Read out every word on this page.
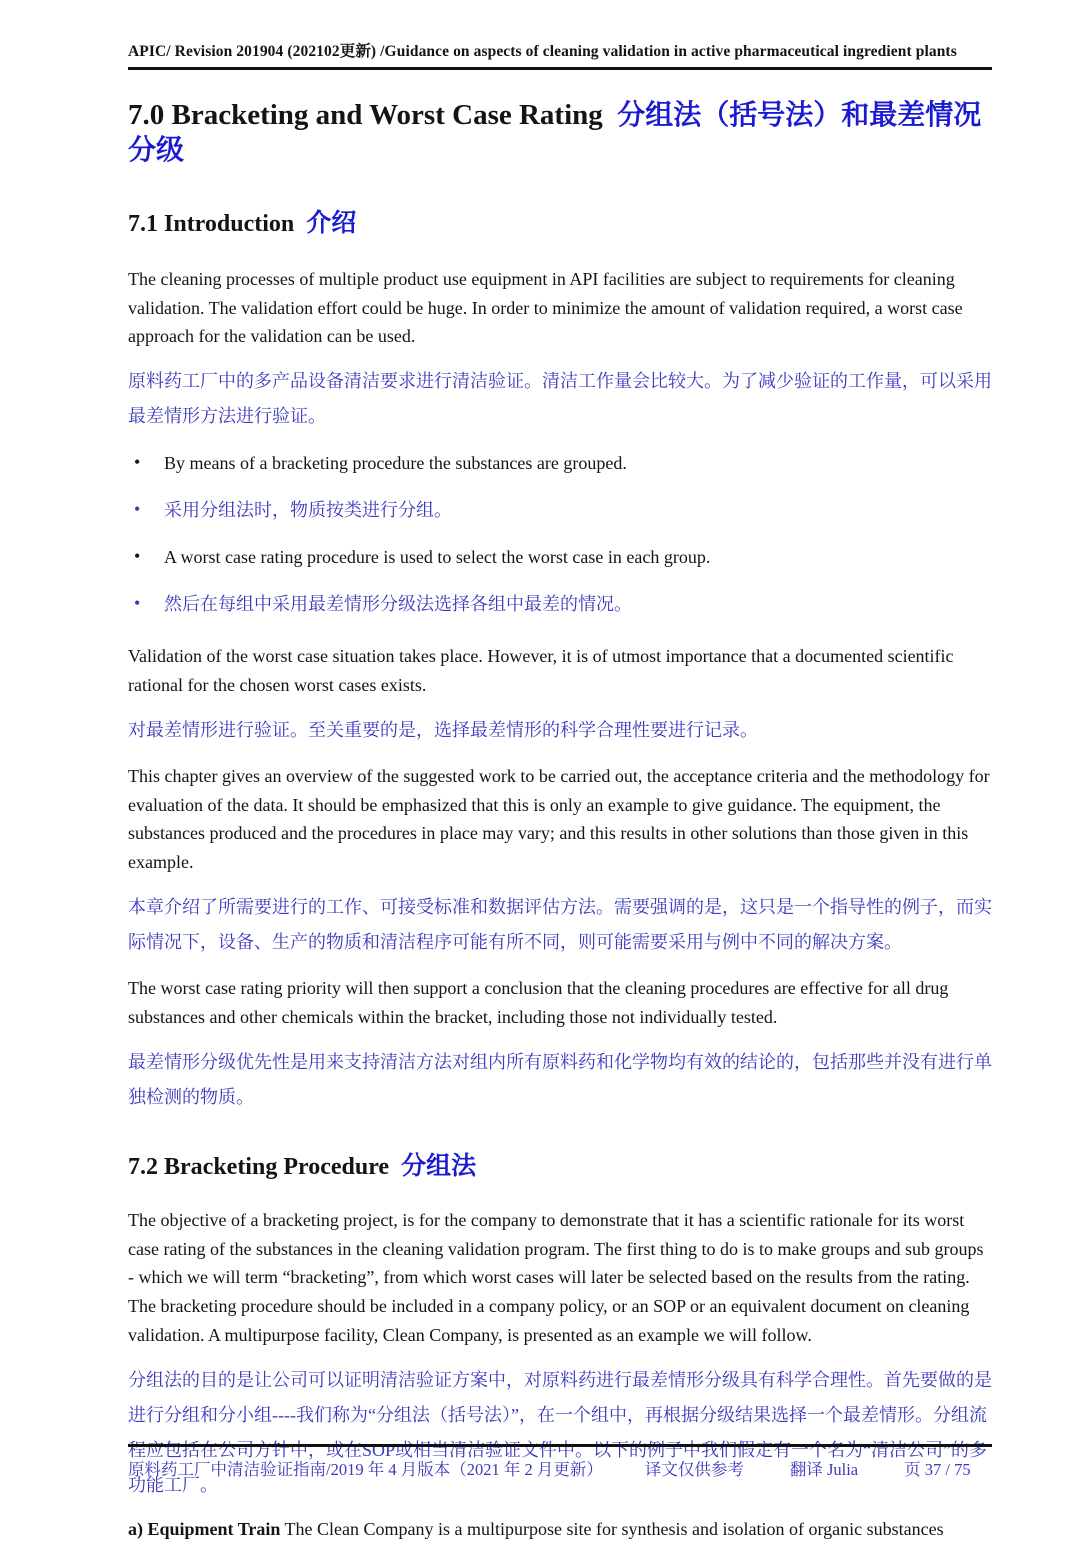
APIC/ Revision 201904 (202102更新) /Guidance on aspects of cleaning validation in active pharmaceutical ingredient plants
7.0 Bracketing and Worst Case Rating 分组法（括号法）和最差情况分级
7.1 Introduction 介绍

The cleaning processes of multiple product use equipment in API facilities are subject to requirements for cleaning validation. The validation effort could be huge. In order to minimize the amount of validation required, a worst case approach for the validation can be used.

原料药工厂中的多产品设备清洁要求进行清洁验证。清洁工作量会比较大。为了减少验证的工作量，可以采用最差情形方法进行验证。

• By means of a bracketing procedure the substances are grouped.
• 采用分组法时，物质按类进行分组。
• A worst case rating procedure is used to select the worst case in each group.
• 然后在每组中采用最差情形分级法选择各组中最差的情况。

Validation of the worst case situation takes place. However, it is of utmost importance that a documented scientific rational for the chosen worst cases exists.

对最差情形进行验证。至关重要的是，选择最差情形的科学合理性要进行记录。

This chapter gives an overview of the suggested work to be carried out, the acceptance criteria and the methodology for evaluation of the data. It should be emphasized that this is only an example to give guidance. The equipment, the substances produced and the procedures in place may vary; and this results in other solutions than those given in this example.

本章介绍了所需要进行的工作、可接受标准和数据评估方法。需要强调的是，这只是一个指导性的例子，而实际情况下，设备、生产的物质和清洁程序可能有所不同，则可能需要采用与例中不同的解决方案。

The worst case rating priority will then support a conclusion that the cleaning procedures are effective for all drug substances and other chemicals within the bracket, including those not individually tested.

最差情形分级优先性是用来支持清洁方法对组内所有原料药和化学物均有效的结论的，包括那些并没有进行单独检测的物质。

7.2 Bracketing Procedure 分组法

The objective of a bracketing project, is for the company to demonstrate that it has a scientific rationale for its worst case rating of the substances in the cleaning validation program. The first thing to do is to make groups and sub groups - which we will term “bracketing”, from which worst cases will later be selected based on the results from the rating. The bracketing procedure should be included in a company policy, or an SOP or an equivalent document on cleaning validation. A multipurpose facility, Clean Company, is presented as an example we will follow.

分组法的目的是让公司可以证明清洁验证方案中，对原料药进行最差情形分级具有科学合理性。首先要做的是进行分组和分小组----我们称为“分组法（括号法）”，在一个组中，再根据分级结果选择一个最差情形。分组流程应包括在公司方针中，或在SOP或相当清洁验证文件中。以下的例子中我们假定有一个名为“清洁公司”的多功能工厂。

a) Equipment Train The Clean Company is a multipurpose site for synthesis and isolation of organic substances

原料药工厂中清洁验证指南/2019 年 4 月版本（2021 年 2 月更新）	译文仅供参考	翻译 Julia	页 37 / 75
